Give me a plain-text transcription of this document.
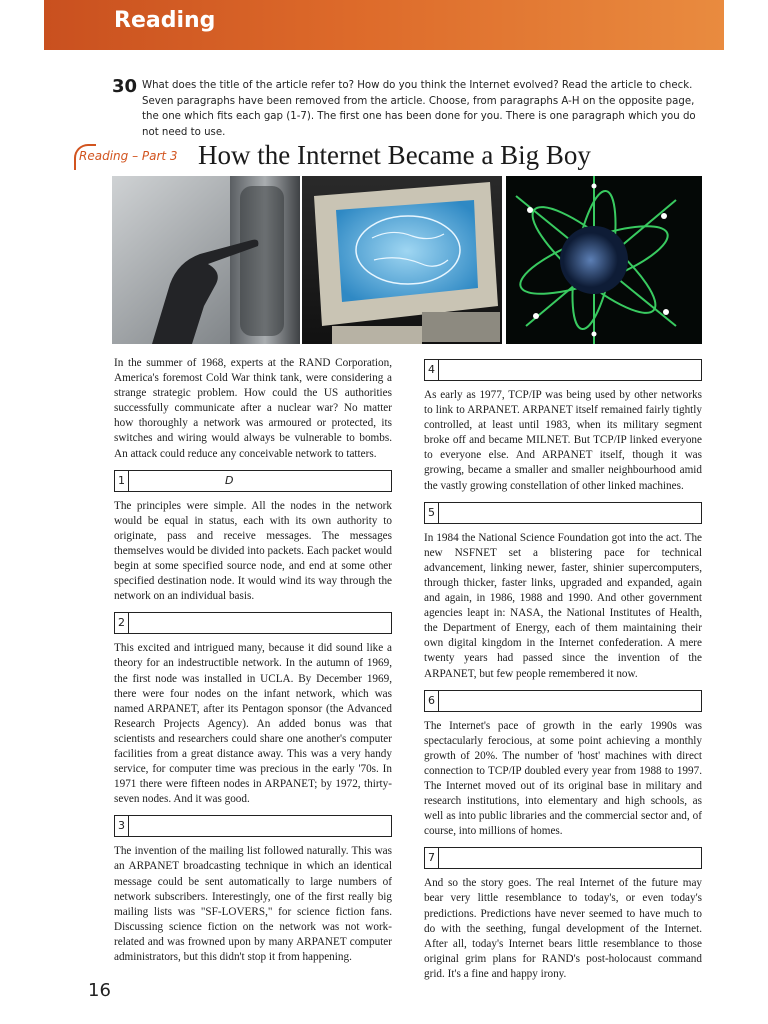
Reading
30 What does the title of the article refer to? How do you think the Internet evolved? Read the article to check. Seven paragraphs have been removed from the article. Choose, from paragraphs A-H on the opposite page, the one which fits each gap (1-7). The first one has been done for you. There is one paragraph which you do not need to use.
Reading – Part 3 How the Internet Became a Big Boy

In the summer of 1968, experts at the RAND Corporation, America's foremost Cold War think tank, were considering a strange strategic problem. How could the US authorities successfully communicate after a nuclear war? No matter how thoroughly a network was armoured or protected, its switches and wiring would always be vulnerable to bombs. An attack could reduce any conceivable network to tatters.

1	D

The principles were simple. All the nodes in the network would be equal in status, each with its own authority to originate, pass and receive messages. The messages themselves would be divided into packets. Each packet would begin at some specified source node, and end at some other specified destination node. It would wind its way through the network on an individual basis.

2

This excited and intrigued many, because it did sound like a theory for an indestructible network. In the autumn of 1969, the first node was installed in UCLA. By December 1969, there were four nodes on the infant network, which was named ARPANET, after its Pentagon sponsor (the Advanced Research Projects Agency). An added bonus was that scientists and researchers could share one another's computer facilities from a great distance away. This was a very handy service, for computer time was precious in the early '70s. In 1971 there were fifteen nodes in ARPANET; by 1972, thirty-seven nodes. And it was good.

3

The invention of the mailing list followed naturally. This was an ARPANET broadcasting technique in which an identical message could be sent automatically to large numbers of network subscribers. Interestingly, one of the first really big mailing lists was "SF-LOVERS," for science fiction fans. Discussing science fiction on the network was not work-related and was frowned upon by many ARPANET computer administrators, but this didn't stop it from happening.

4

As early as 1977, TCP/IP was being used by other networks to link to ARPANET. ARPANET itself remained fairly tightly controlled, at least until 1983, when its military segment broke off and became MILNET. But TCP/IP linked everyone to everyone else. And ARPANET itself, though it was growing, became a smaller and smaller neighbourhood amid the vastly growing constellation of other linked machines.

5

In 1984 the National Science Foundation got into the act. The new NSFNET set a blistering pace for technical advancement, linking newer, faster, shinier supercomputers, through thicker, faster links, upgraded and expanded, again and again, in 1986, 1988 and 1990. And other government agencies leapt in: NASA, the National Institutes of Health, the Department of Energy, each of them maintaining their own digital kingdom in the Internet confederation. A mere twenty years had passed since the invention of the ARPANET, but few people remembered it now.

6

The Internet's pace of growth in the early 1990s was spectacularly ferocious, at some point achieving a monthly growth of 20%. The number of 'host' machines with direct connection to TCP/IP doubled every year from 1988 to 1997. The Internet moved out of its original base in military and research institutions, into elementary and high schools, as well as into public libraries and the commercial sector and, of course, into millions of homes.

7

And so the story goes. The real Internet of the future may bear very little resemblance to today's, or even today's predictions. Predictions have never seemed to have much to do with the seething, fungal development of the Internet. After all, today's Internet bears little resemblance to those original grim plans for RAND's post-holocaust command grid. It's a fine and happy irony.

16
